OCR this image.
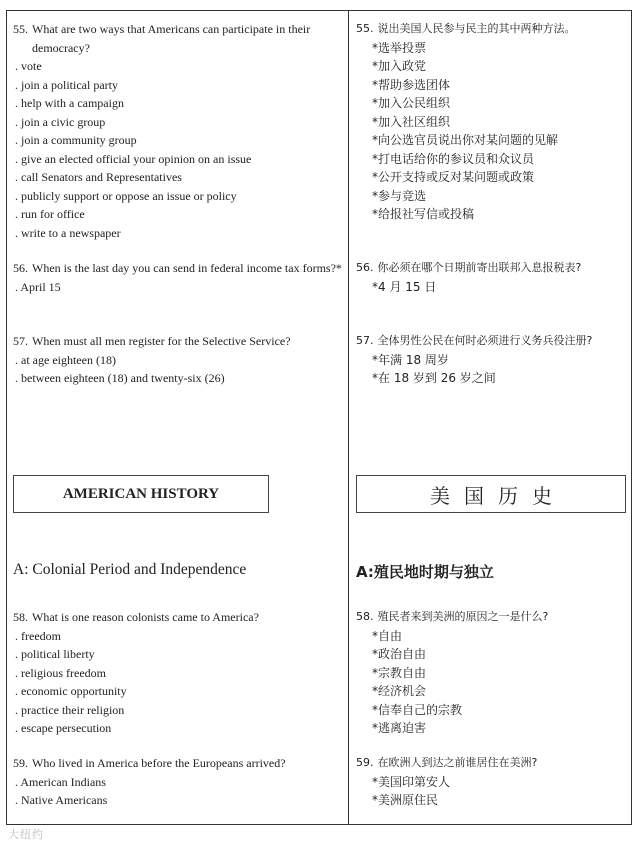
55. What are two ways that Americans can participate in their democracy?
. vote
. join a political party
. help with a campaign
. join a civic group
. join a community group
. give an elected official your opinion on an issue
. call Senators and Representatives
. publicly support or oppose an issue or policy
. run for office
. write to a newspaper
56. When is the last day you can send in federal income tax forms?*
. April 15
57. When must all men register for the Selective Service?
. at age eighteen (18)
. between eighteen (18) and twenty-six (26)
AMERICAN HISTORY
A: Colonial Period and Independence
58. What is one reason colonists came to America?
. freedom
. political liberty
. religious freedom
. economic opportunity
. practice their religion
. escape persecution
59. Who lived in America before the Europeans arrived?
. American Indians
. Native Americans
55. 说出美国人民参与民主的其中两种方法。
*选举投票
*加入政党
*帮助参选团体
*加入公民组织
*加入社区组织
*向公选官员说出你对某问题的见解
*打电话给你的参议员和众议员
*公开支持或反对某问题或政策
*参与竞选
*给报社写信或投稿
56. 你必须在哪个日期前寄出联邦入息报税表?
*4 月 15 日
57. 全体男性公民在何时必须进行义务兵役注册?
*年满 18 周岁
*在 18 岁到 26 岁之间
美国历史
A:殖民地时期与独立
58. 殖民者来到美洲的原因之一是什么?
*自由
*政治自由
*宗教自由
*经济机会
*信奉自己的宗教
*逃离迫害
59. 在欧洲人到达之前谁居住在美洲?
*美国印第安人
*美洲原住民
大纽约
